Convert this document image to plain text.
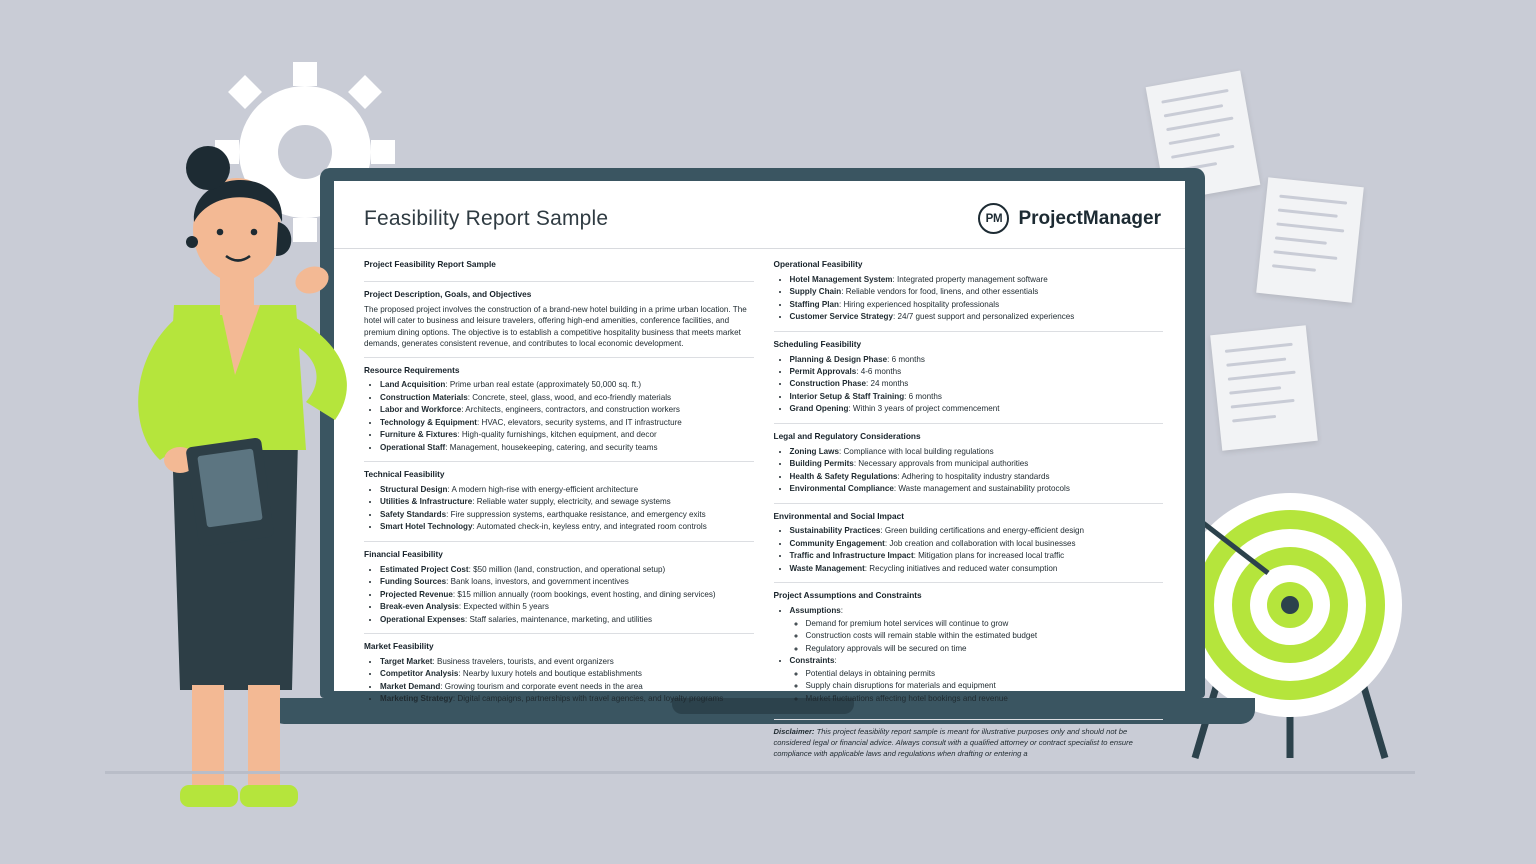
Feasibility Report Sample	PM ProjectManager
Project Feasibility Report Sample
Project Description, Goals, and Objectives

The proposed project involves the construction of a brand-new hotel building in a prime urban location. The hotel will cater to business and leisure travelers, offering high-end amenities, conference facilities, and premium dining options. The objective is to establish a competitive hospitality business that meets market demands, generates consistent revenue, and contributes to local economic development.

Resource Requirements
• Land Acquisition: Prime urban real estate (approximately 50,000 sq. ft.)
• Construction Materials: Concrete, steel, glass, wood, and eco-friendly materials
• Labor and Workforce: Architects, engineers, contractors, and construction workers
• Technology & Equipment: HVAC, elevators, security systems, and IT infrastructure
• Furniture & Fixtures: High-quality furnishings, kitchen equipment, and decor
• Operational Staff: Management, housekeeping, catering, and security teams
Technical Feasibility
• Structural Design: A modern high-rise with energy-efficient architecture
• Utilities & Infrastructure: Reliable water supply, electricity, and sewage systems
• Safety Standards: Fire suppression systems, earthquake resistance, and emergency exits
• Smart Hotel Technology: Automated check-in, keyless entry, and integrated room controls
Financial Feasibility
• Estimated Project Cost: $50 million (land, construction, and operational setup)
• Funding Sources: Bank loans, investors, and government incentives
• Projected Revenue: $15 million annually (room bookings, event hosting, and dining services)
• Break-even Analysis: Expected within 5 years
• Operational Expenses: Staff salaries, maintenance, marketing, and utilities
Market Feasibility
• Target Market: Business travelers, tourists, and event organizers
• Competitor Analysis: Nearby luxury hotels and boutique establishments
• Market Demand: Growing tourism and corporate event needs in the area
• Marketing Strategy: Digital campaigns, partnerships with travel agencies, and loyalty programs
Operational Feasibility
• Hotel Management System: Integrated property management software
• Supply Chain: Reliable vendors for food, linens, and other essentials
• Staffing Plan: Hiring experienced hospitality professionals
• Customer Service Strategy: 24/7 guest support and personalized experiences
Scheduling Feasibility
• Planning & Design Phase: 6 months
• Permit Approvals: 4-6 months
• Construction Phase: 24 months
• Interior Setup & Staff Training: 6 months
• Grand Opening: Within 3 years of project commencement
Legal and Regulatory Considerations
• Zoning Laws: Compliance with local building regulations
• Building Permits: Necessary approvals from municipal authorities
• Health & Safety Regulations: Adhering to hospitality industry standards
• Environmental Compliance: Waste management and sustainability protocols
Environmental and Social Impact
• Sustainability Practices: Green building certifications and energy-efficient design
• Community Engagement: Job creation and collaboration with local businesses
• Traffic and Infrastructure Impact: Mitigation plans for increased local traffic
• Waste Management: Recycling initiatives and reduced water consumption
Project Assumptions and Constraints
• Assumptions:
◦ Demand for premium hotel services will continue to grow
◦ Construction costs will remain stable within the estimated budget
◦ Regulatory approvals will be secured on time
• Constraints:
◦ Potential delays in obtaining permits
◦ Supply chain disruptions for materials and equipment
◦ Market fluctuations affecting hotel bookings and revenue
Disclaimer: This project feasibility report sample is meant for illustrative purposes only and should not be considered legal or financial advice. Always consult with a qualified attorney or contract specialist to ensure compliance with applicable laws and regulations when drafting or entering a
